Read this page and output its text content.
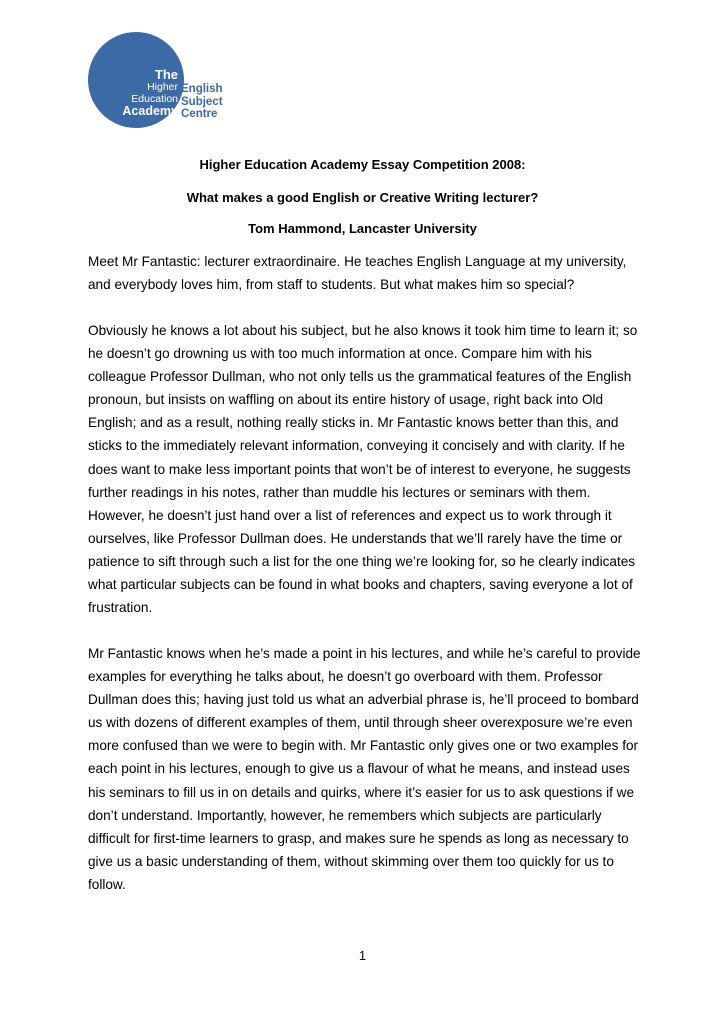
The
Higher
Education
Academy
English
Subject
Centre
Higher Education Academy Essay Competition 2008:
What makes a good English or Creative Writing lecturer?
Tom Hammond, Lancaster University
Meet Mr Fantastic: lecturer extraordinaire. He teaches English Language at my university,
and everybody loves him, from staff to students. But what makes him so special?
Obviously he knows a lot about his subject, but he also knows it took him time to learn it; so
he doesn’t go drowning us with too much information at once. Compare him with his
colleague Professor Dullman, who not only tells us the grammatical features of the English
pronoun, but insists on waffling on about its entire history of usage, right back into Old
English; and as a result, nothing really sticks in. Mr Fantastic knows better than this, and
sticks to the immediately relevant information, conveying it concisely and with clarity. If he
does want to make less important points that won’t be of interest to everyone, he suggests
further readings in his notes, rather than muddle his lectures or seminars with them.
However, he doesn’t just hand over a list of references and expect us to work through it
ourselves, like Professor Dullman does. He understands that we’ll rarely have the time or
patience to sift through such a list for the one thing we’re looking for, so he clearly indicates
what particular subjects can be found in what books and chapters, saving everyone a lot of
frustration.
Mr Fantastic knows when he’s made a point in his lectures, and while he’s careful to provide
examples for everything he talks about, he doesn’t go overboard with them. Professor
Dullman does this; having just told us what an adverbial phrase is, he’ll proceed to bombard
us with dozens of different examples of them, until through sheer overexposure we’re even
more confused than we were to begin with. Mr Fantastic only gives one or two examples for
each point in his lectures, enough to give us a flavour of what he means, and instead uses
his seminars to fill us in on details and quirks, where it’s easier for us to ask questions if we
don’t understand. Importantly, however, he remembers which subjects are particularly
difficult for first-time learners to grasp, and makes sure he spends as long as necessary to
give us a basic understanding of them, without skimming over them too quickly for us to
follow.
1
